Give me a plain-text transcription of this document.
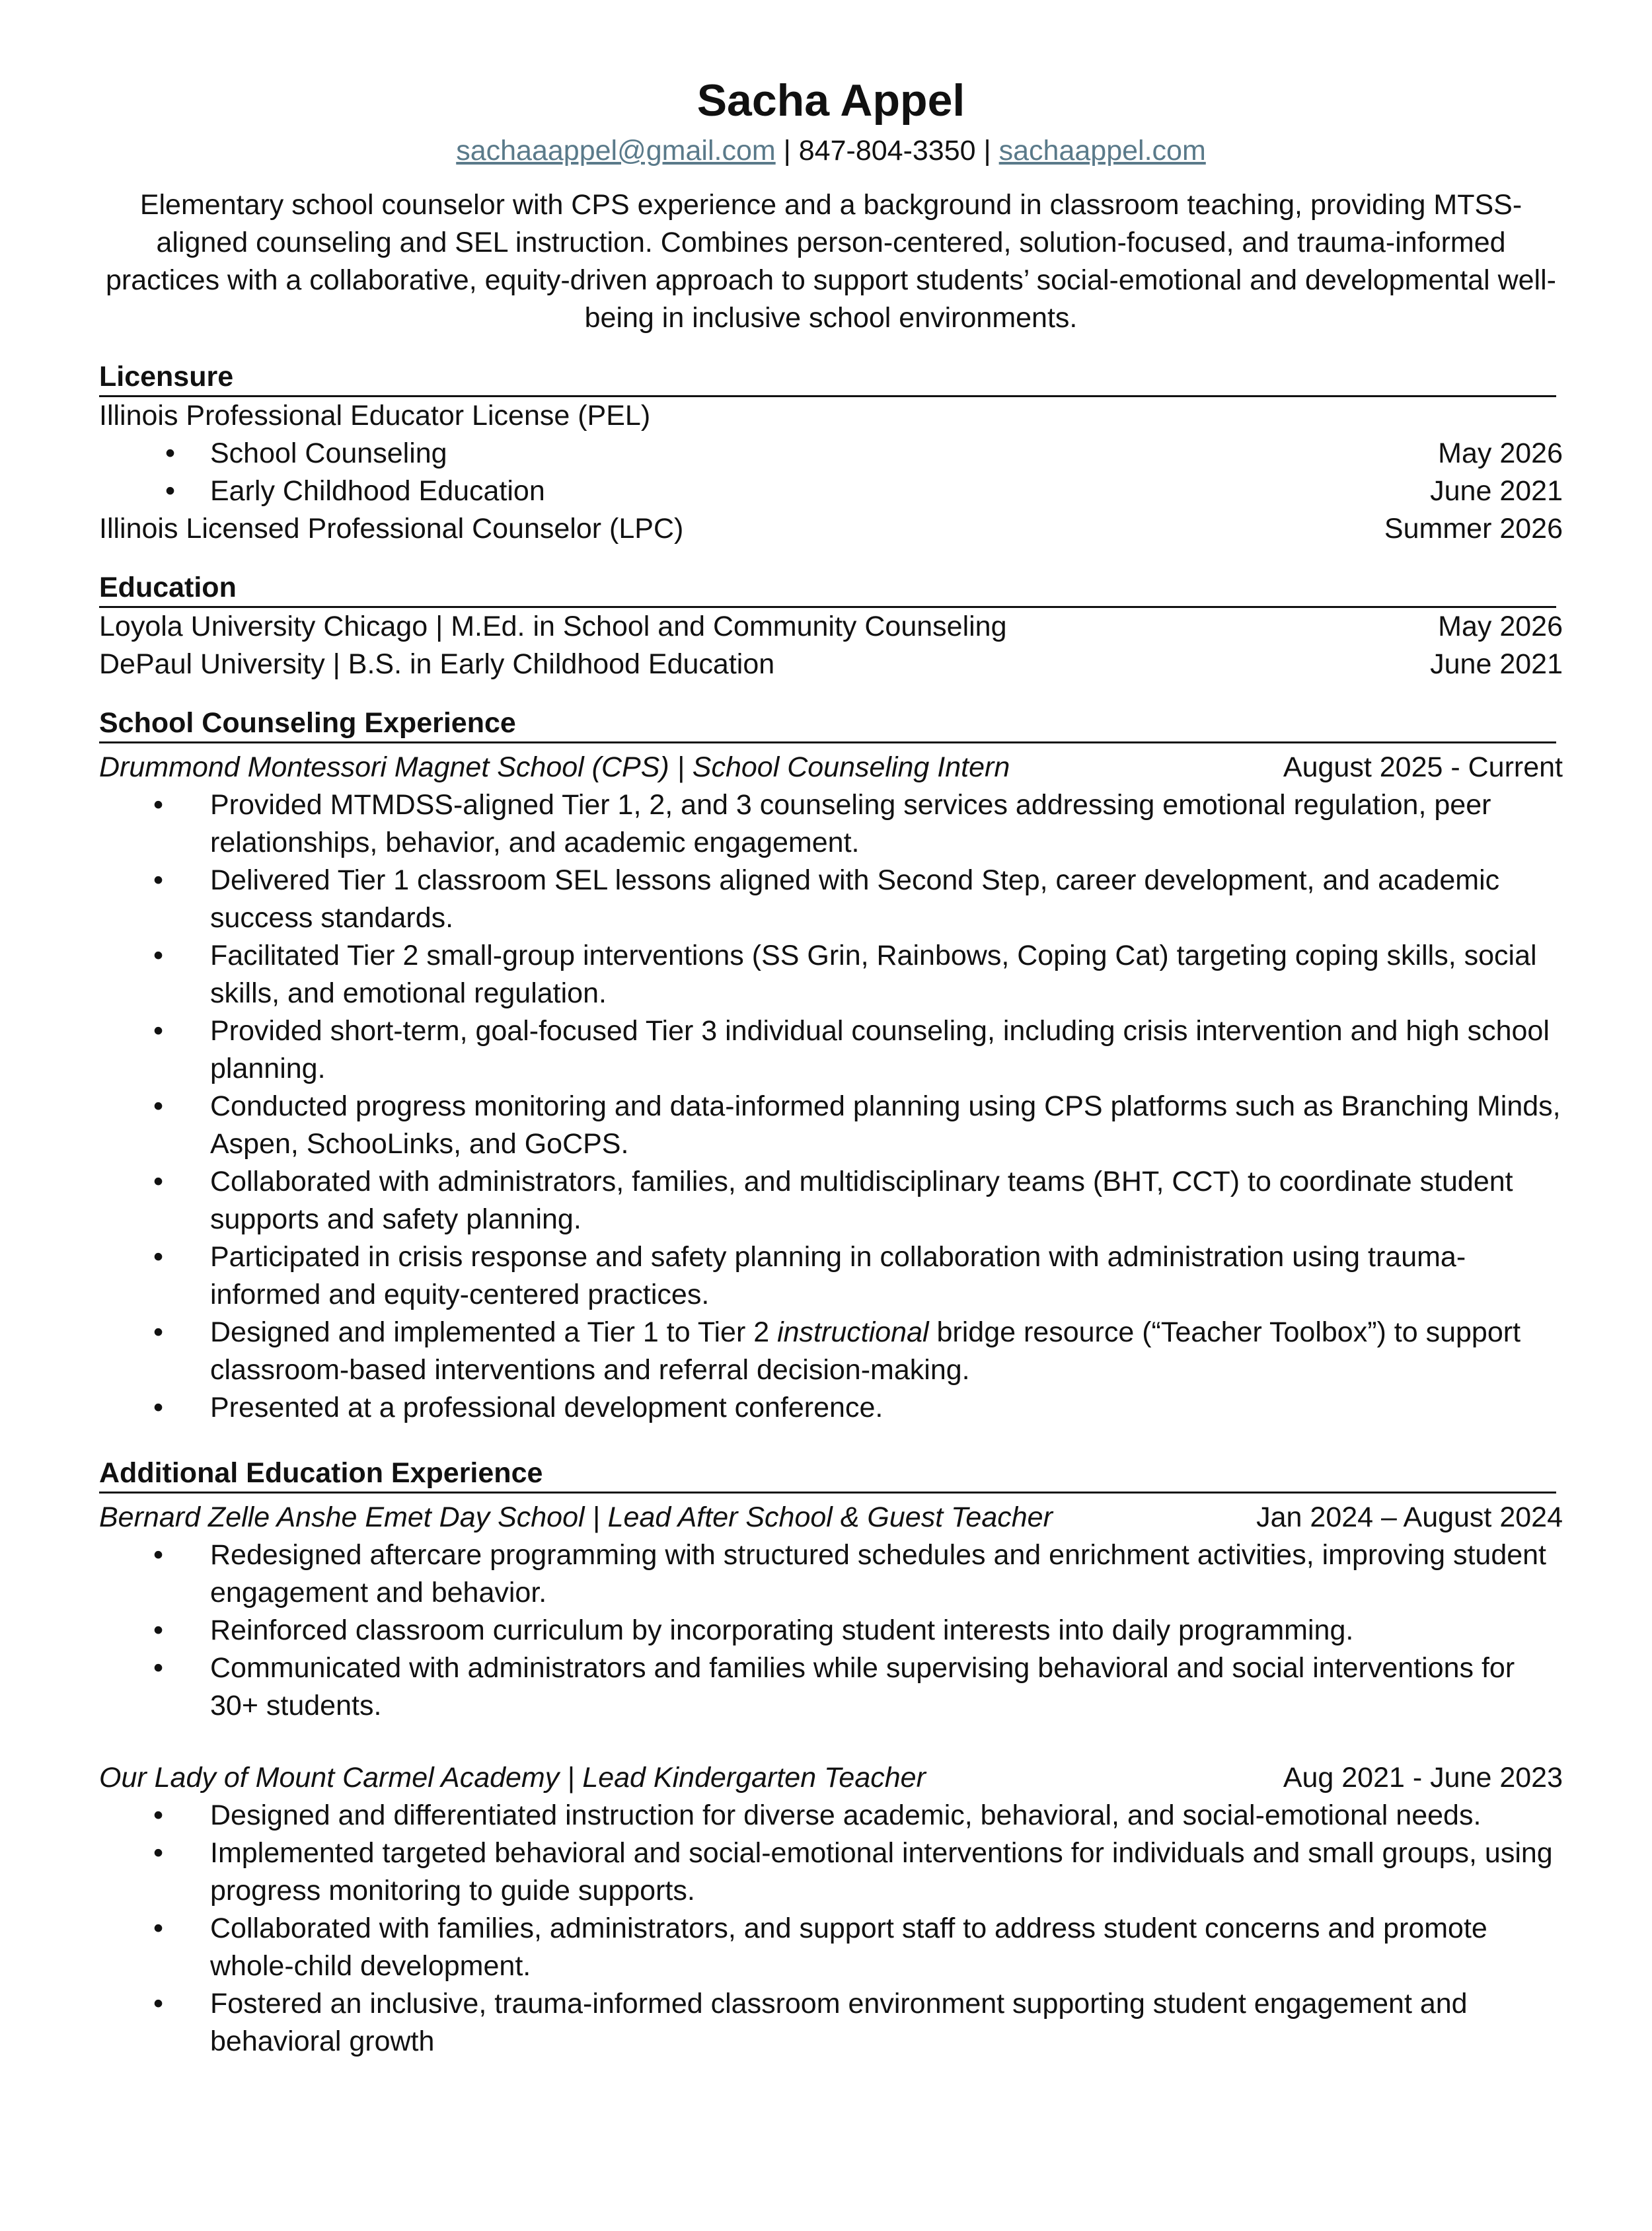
Sacha Appel
sachaaappel@gmail.com | 847-804-3350 | sachaappel.com

Elementary school counselor with CPS experience and a background in classroom teaching, providing MTSS-aligned counseling and SEL instruction. Combines person-centered, solution-focused, and trauma-informed practices with a collaborative, equity-driven approach to support students’ social-emotional and developmental well-being in inclusive school environments.

Licensure
Illinois Professional Educator License (PEL)
•	School Counseling	May 2026
•	Early Childhood Education	June 2021
Illinois Licensed Professional Counselor (LPC)	Summer 2026
Education
Loyola University Chicago | M.Ed. in School and Community Counseling	May 2026
DePaul University | B.S. in Early Childhood Education	June 2021
School Counseling Experience
Drummond Montessori Magnet School (CPS) | School Counseling Intern	August 2025 - Current
• Provided MTMDSS-aligned Tier 1, 2, and 3 counseling services addressing emotional regulation, peer relationships, behavior, and academic engagement.
• Delivered Tier 1 classroom SEL lessons aligned with Second Step, career development, and academic success standards.
• Facilitated Tier 2 small-group interventions (SS Grin, Rainbows, Coping Cat) targeting coping skills, social skills, and emotional regulation.
• Provided short-term, goal-focused Tier 3 individual counseling, including crisis intervention and high school planning.
• Conducted progress monitoring and data-informed planning using CPS platforms such as Branching Minds, Aspen, SchooLinks, and GoCPS.
• Collaborated with administrators, families, and multidisciplinary teams (BHT, CCT) to coordinate student supports and safety planning.
• Participated in crisis response and safety planning in collaboration with administration using trauma-informed and equity-centered practices.
• Designed and implemented a Tier 1 to Tier 2 instructional bridge resource (“Teacher Toolbox”) to support classroom-based interventions and referral decision-making.
• Presented at a professional development conference.
Additional Education Experience
Bernard Zelle Anshe Emet Day School | Lead After School & Guest Teacher	Jan 2024 – August 2024
• Redesigned aftercare programming with structured schedules and enrichment activities, improving student engagement and behavior.
• Reinforced classroom curriculum by incorporating student interests into daily programming.
• Communicated with administrators and families while supervising behavioral and social interventions for 30+ students.
Our Lady of Mount Carmel Academy | Lead Kindergarten Teacher	Aug 2021 - June 2023
• Designed and differentiated instruction for diverse academic, behavioral, and social-emotional needs.
• Implemented targeted behavioral and social-emotional interventions for individuals and small groups, using progress monitoring to guide supports.
• Collaborated with families, administrators, and support staff to address student concerns and promote whole-child development.
• Fostered an inclusive, trauma-informed classroom environment supporting student engagement and behavioral growth
